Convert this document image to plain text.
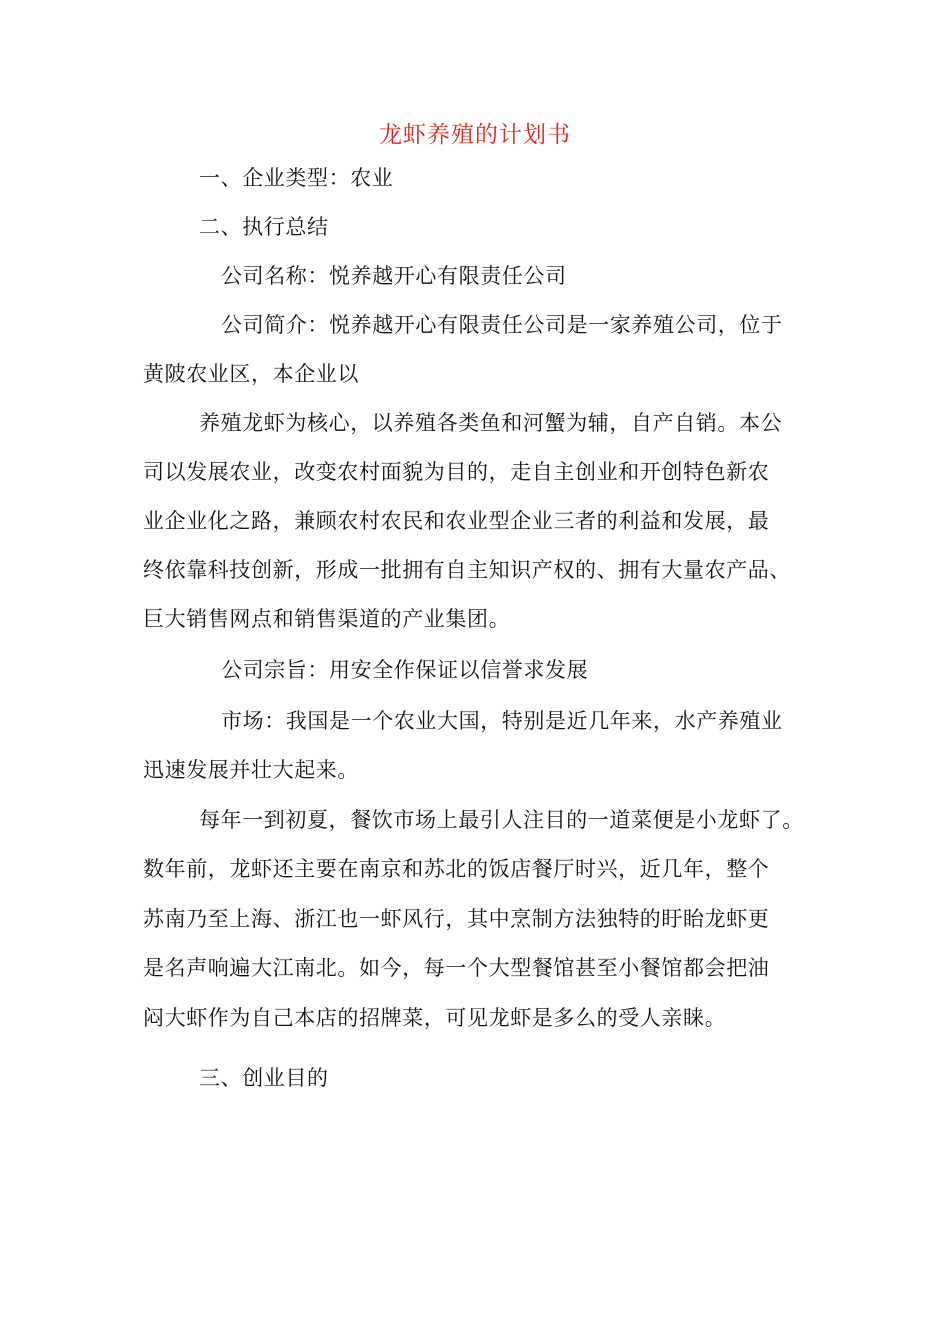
龙虾养殖的计划书
一、企业类型：农业
二、执行总结
公司名称：悦养越开心有限责任公司
公司简介：悦养越开心有限责任公司是一家养殖公司，位于
黄陂农业区，本企业以
养殖龙虾为核心，以养殖各类鱼和河蟹为辅，自产自销。本公
司以发展农业，改变农村面貌为目的，走自主创业和开创特色新农
业企业化之路，兼顾农村农民和农业型企业三者的利益和发展，最
终依靠科技创新，形成一批拥有自主知识产权的、拥有大量农产品、
巨大销售网点和销售渠道的产业集团。
公司宗旨：用安全作保证以信誉求发展
市场：我国是一个农业大国，特别是近几年来，水产养殖业
迅速发展并壮大起来。
每年一到初夏，餐饮市场上最引人注目的一道菜便是小龙虾了。
数年前，龙虾还主要在南京和苏北的饭店餐厅时兴，近几年，整个
苏南乃至上海、浙江也一虾风行，其中烹制方法独特的盱眙龙虾更
是名声响遍大江南北。如今，每一个大型餐馆甚至小餐馆都会把油
闷大虾作为自己本店的招牌菜，可见龙虾是多么的受人亲睐。
三、创业目的
